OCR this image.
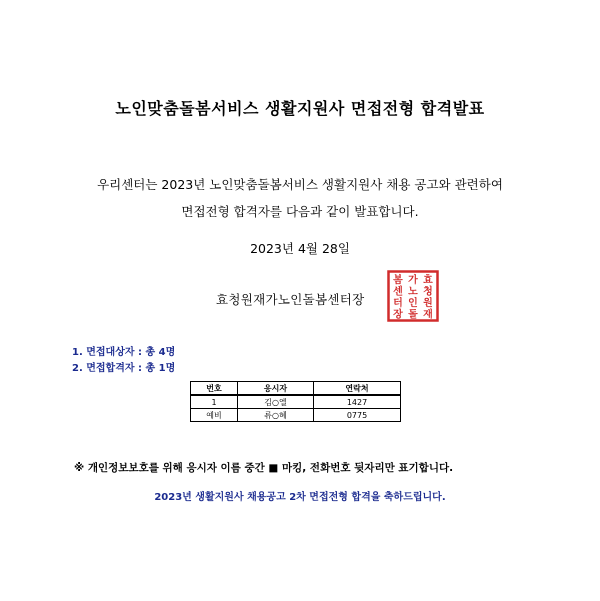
노인맞춤돌봄서비스 생활지원사 면접전형 합격발표
우리센터는 2023년 노인맞춤돌봄서비스 생활지원사 채용 공고와 관련하여
면접전형 합격자를 다음과 같이 발표합니다.
2023년 4월 28일
효청원재가노인돌봄센터장
효
청
원
재
가
노
인
돌
봄
센
터
장
1. 면접대상자 : 총 4명
2. 면접합격자 : 총 1명
번호	응시자	연락처
1	김○엘	1427
예비	류○혜	0775
※ 개인정보보호를 위해 응시자 이름 중간 ■ 마킹, 전화번호 뒷자리만 표기합니다.
2023년 생활지원사 채용공고 2차 면접전형 합격을 축하드립니다.
